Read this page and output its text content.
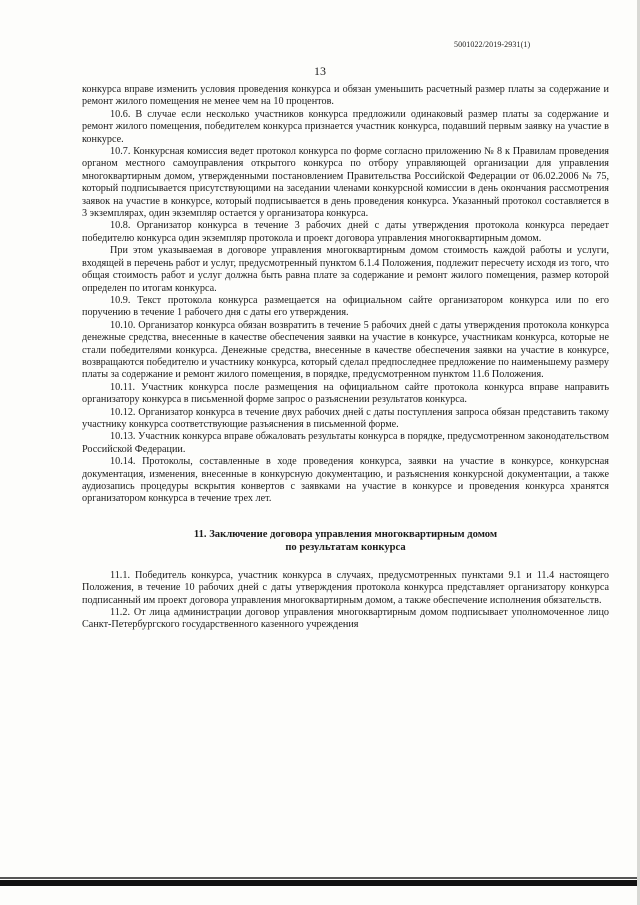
5001022/2019-2931(1)
13

конкурса вправе изменить условия проведения конкурса и обязан уменьшить расчетный размер платы за содержание и ремонт жилого помещения не менее чем на 10 процентов.

10.6. В случае если несколько участников конкурса предложили одинаковый размер платы за содержание и ремонт жилого помещения, победителем конкурса признается участник конкурса, подавший первым заявку на участие в конкурсе.

10.7. Конкурсная комиссия ведет протокол конкурса по форме согласно приложению № 8 к Правилам проведения органом местного самоуправления открытого конкурса по отбору управляющей организации для управления многоквартирным домом, утвержденными постановлением Правительства Российской Федерации от 06.02.2006 № 75, который подписывается присутствующими на заседании членами конкурсной комиссии в день окончания рассмотрения заявок на участие в конкурсе, который подписывается в день проведения конкурса. Указанный протокол составляется в 3 экземплярах, один экземпляр остается у организатора конкурса.

10.8. Организатор конкурса в течение 3 рабочих дней с даты утверждения протокола конкурса передает победителю конкурса один экземпляр протокола и проект договора управления многоквартирным домом.

При этом указываемая в договоре управления многоквартирным домом стоимость каждой работы и услуги, входящей в перечень работ и услуг, предусмотренный пунктом 6.1.4 Положения, подлежит пересчету исходя из того, что общая стоимость работ и услуг должна быть равна плате за содержание и ремонт жилого помещения, размер которой определен по итогам конкурса.

10.9. Текст протокола конкурса размещается на официальном сайте организатором конкурса или по его поручению в течение 1 рабочего дня с даты его утверждения.

10.10. Организатор конкурса обязан возвратить в течение 5 рабочих дней с даты утверждения протокола конкурса денежные средства, внесенные в качестве обеспечения заявки на участие в конкурсе, участникам конкурса, которые не стали победителями конкурса. Денежные средства, внесенные в качестве обеспечения заявки на участие в конкурсе, возвращаются победителю и участнику конкурса, который сделал предпоследнее предложение по наименьшему размеру платы за содержание и ремонт жилого помещения, в порядке, предусмотренном пунктом 11.6 Положения.

10.11. Участник конкурса после размещения на официальном сайте протокола конкурса вправе направить организатору конкурса в письменной форме запрос о разъяснении результатов конкурса.

10.12. Организатор конкурса в течение двух рабочих дней с даты поступления запроса обязан представить такому участнику конкурса соответствующие разъяснения в письменной форме.

10.13. Участник конкурса вправе обжаловать результаты конкурса в порядке, предусмотренном законодательством Российской Федерации.

10.14. Протоколы, составленные в ходе проведения конкурса, заявки на участие в конкурсе, конкурсная документация, изменения, внесенные в конкурсную документацию, и разъяснения конкурсной документации, а также аудиозапись процедуры вскрытия конвертов с заявками на участие в конкурсе и проведения конкурса хранятся организатором конкурса в течение трех лет.

11. Заключение договора управления многоквартирным домом
по результатам конкурса

11.1. Победитель конкурса, участник конкурса в случаях, предусмотренных пунктами 9.1 и 11.4 настоящего Положения, в течение 10 рабочих дней с даты утверждения протокола конкурса представляет организатору конкурса подписанный им проект договора управления многоквартирным домом, а также обеспечение исполнения обязательств.

11.2. От лица администрации договор управления многоквартирным домом подписывает уполномоченное лицо Санкт-Петербургского государственного казенного учреждения
